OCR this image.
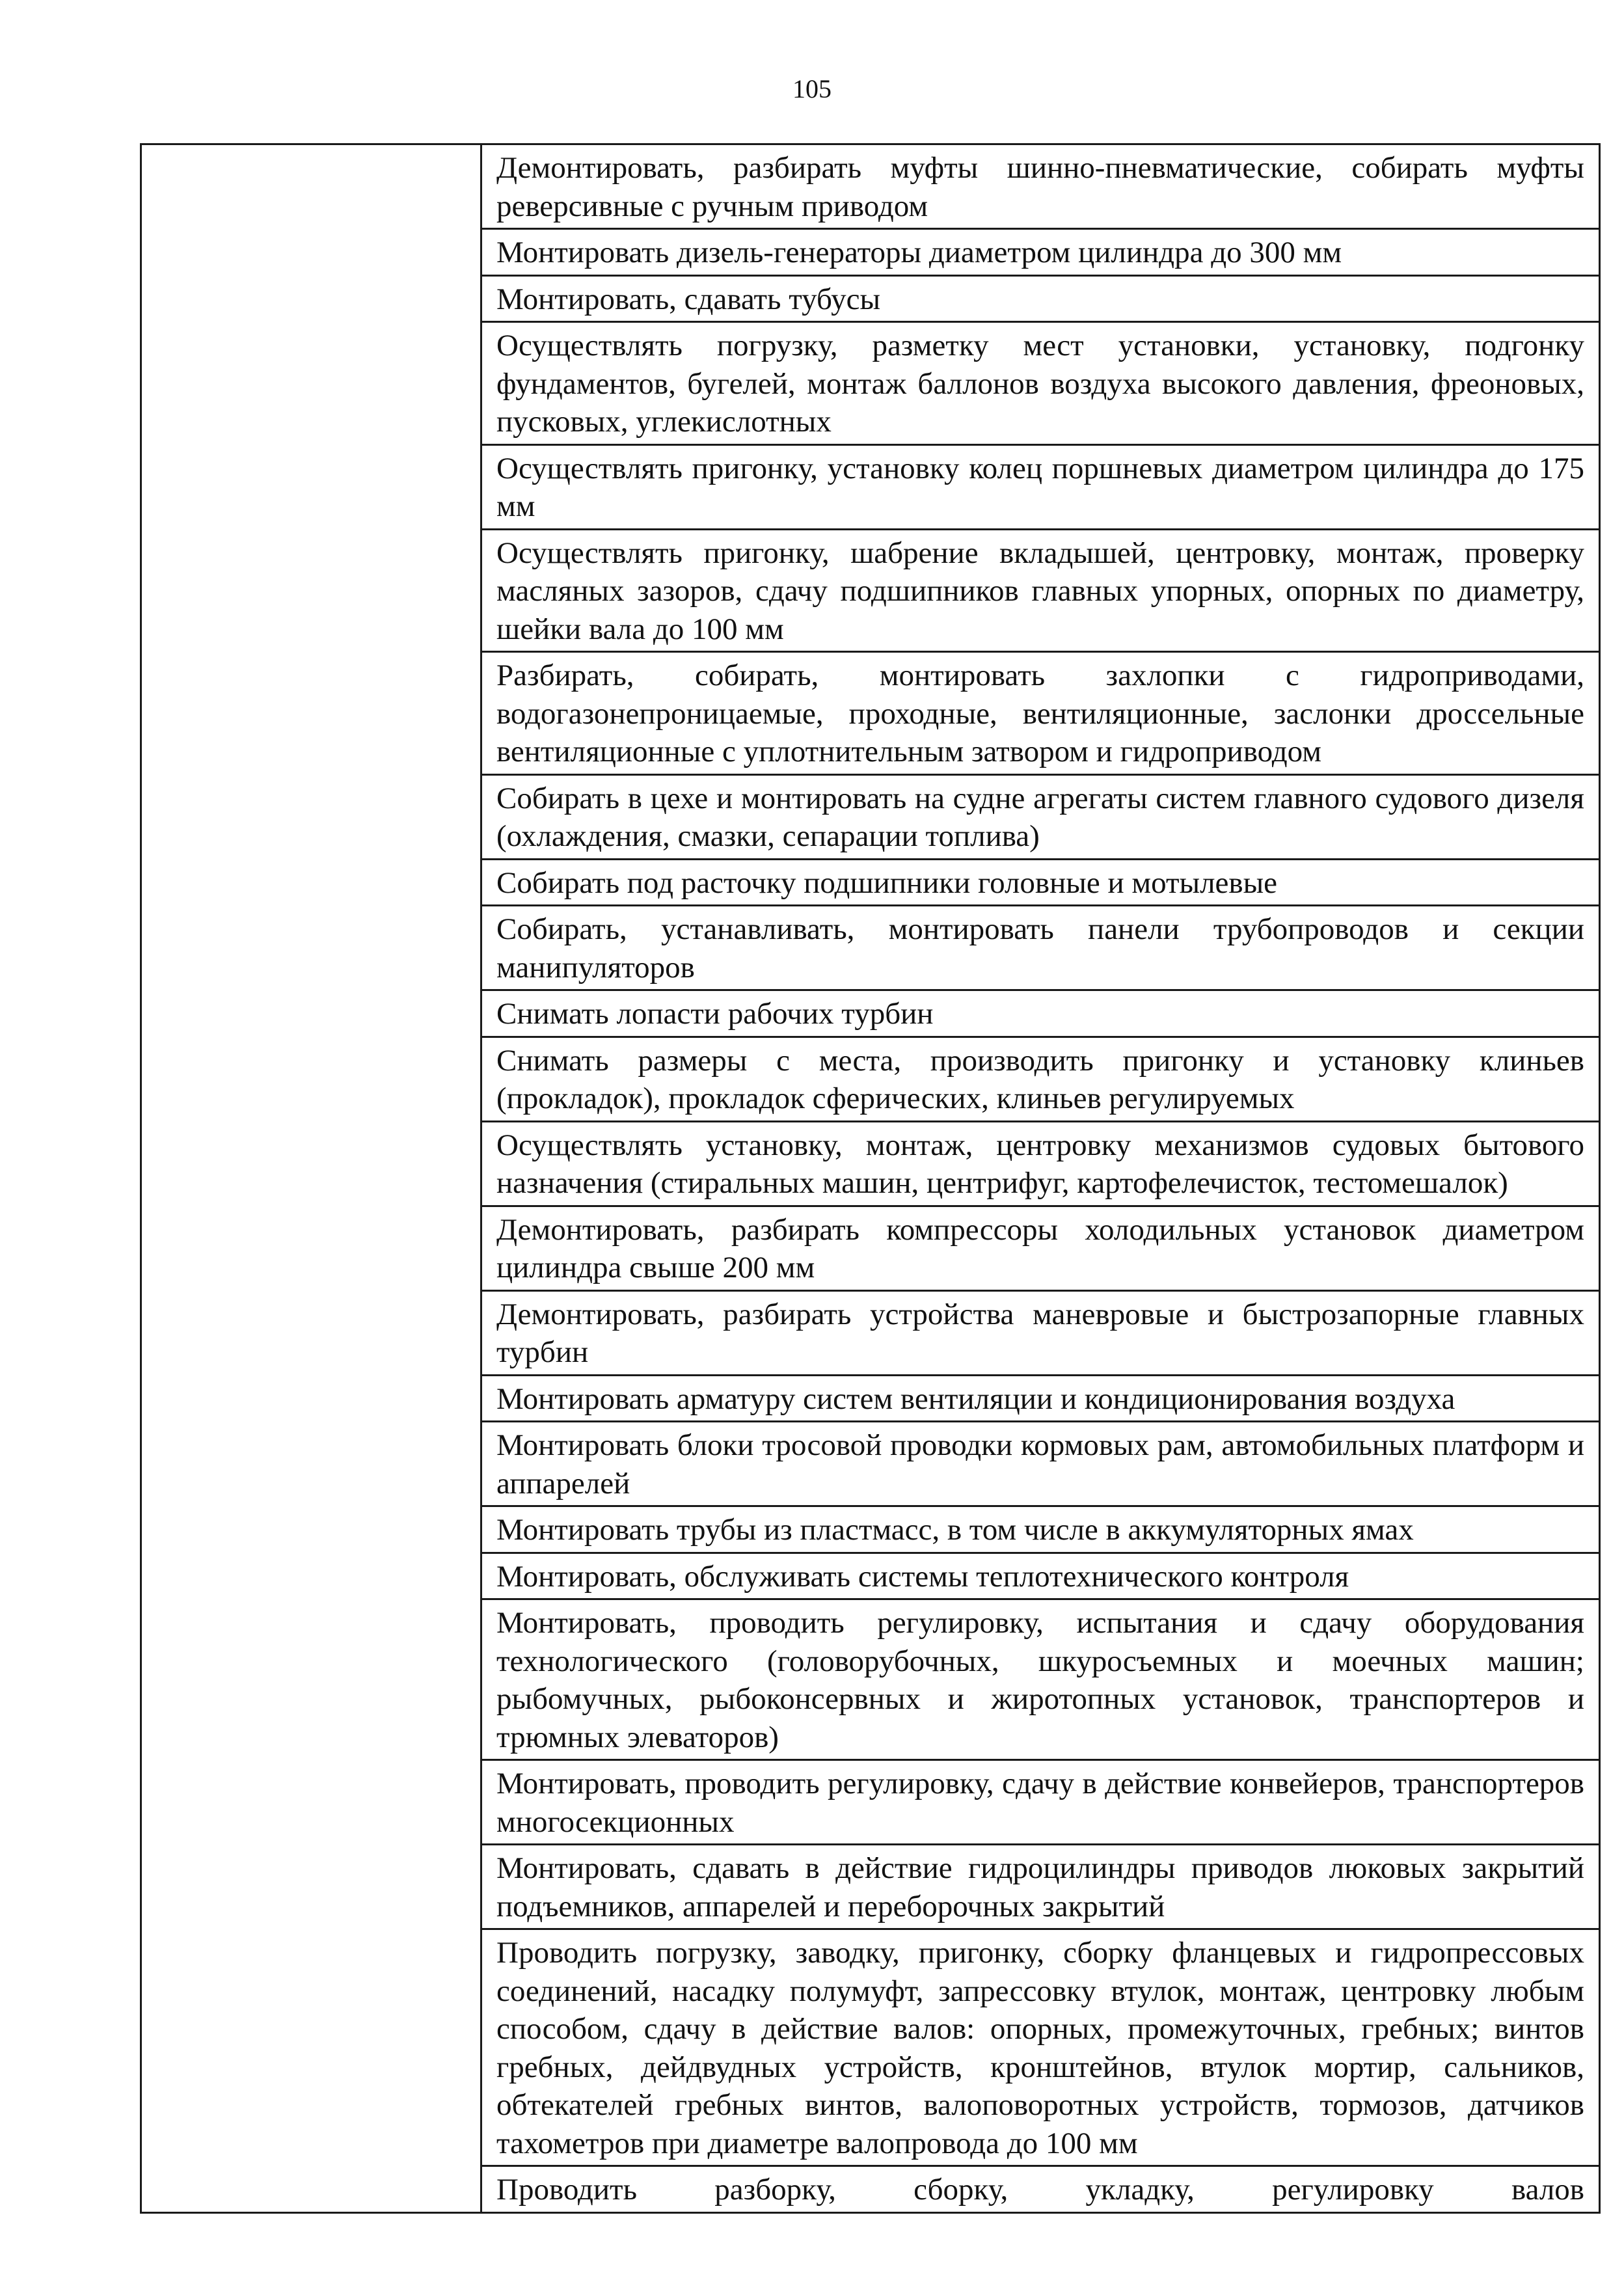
105
	Демонтировать, разбирать муфты шинно-пневматические, собирать муфты реверсивные с ручным приводом
Монтировать дизель-генераторы диаметром цилиндра до 300 мм
Монтировать, сдавать тубусы
Осуществлять погрузку, разметку мест установки, установку, подгонку фундаментов, бугелей, монтаж баллонов воздуха высокого давления, фреоновых, пусковых, углекислотных
Осуществлять пригонку, установку колец поршневых диаметром цилиндра до 175 мм
Осуществлять пригонку, шабрение вкладышей, центровку, монтаж, проверку масляных зазоров, сдачу подшипников главных упорных, опорных по диаметру, шейки вала до 100 мм
Разбирать, собирать, монтировать захлопки с гидроприводами, водогазонепроницаемые, проходные, вентиляционные, заслонки дроссельные вентиляционные с уплотнительным затвором и гидроприводом
Собирать в цехе и монтировать на судне агрегаты систем главного судового дизеля (охлаждения, смазки, сепарации топлива)
Собирать под расточку подшипники головные и мотылевые
Собирать, устанавливать, монтировать панели трубопроводов и секции манипуляторов
Снимать лопасти рабочих турбин
Снимать размеры с места, производить пригонку и установку клиньев (прокладок), прокладок сферических, клиньев регулируемых
Осуществлять установку, монтаж, центровку механизмов судовых бытового назначения (стиральных машин, центрифуг, картофелечисток, тестомешалок)
Демонтировать, разбирать компрессоры холодильных установок диаметром цилиндра свыше 200 мм
Демонтировать, разбирать устройства маневровые и быстрозапорные главных турбин
Монтировать арматуру систем вентиляции и кондиционирования воздуха
Монтировать блоки тросовой проводки кормовых рам, автомобильных платформ и аппарелей
Монтировать трубы из пластмасс, в том числе в аккумуляторных ямах
Монтировать, обслуживать системы теплотехнического контроля
Монтировать, проводить регулировку, испытания и сдачу оборудования технологического (головорубочных, шкуросъемных и моечных машин; рыбомучных, рыбоконсервных и жиротопных установок, транспортеров и трюмных элеваторов)
Монтировать, проводить регулировку, сдачу в действие конвейеров, транспортеров многосекционных
Монтировать, сдавать в действие гидроцилиндры приводов люковых закрытий подъемников, аппарелей и переборочных закрытий
Проводить погрузку, заводку, пригонку, сборку фланцевых и гидропрессовых соединений, насадку полумуфт, запрессовку втулок, монтаж, центровку любым способом, сдачу в действие валов: опорных, промежуточных, гребных; винтов гребных, дейдвудных устройств, кронштейнов, втулок мортир, сальников, обтекателей гребных винтов, валоповоротных устройств, тормозов, датчиков тахометров при диаметре валопровода до 100 мм
Проводить разборку, сборку, укладку, регулировку валов
